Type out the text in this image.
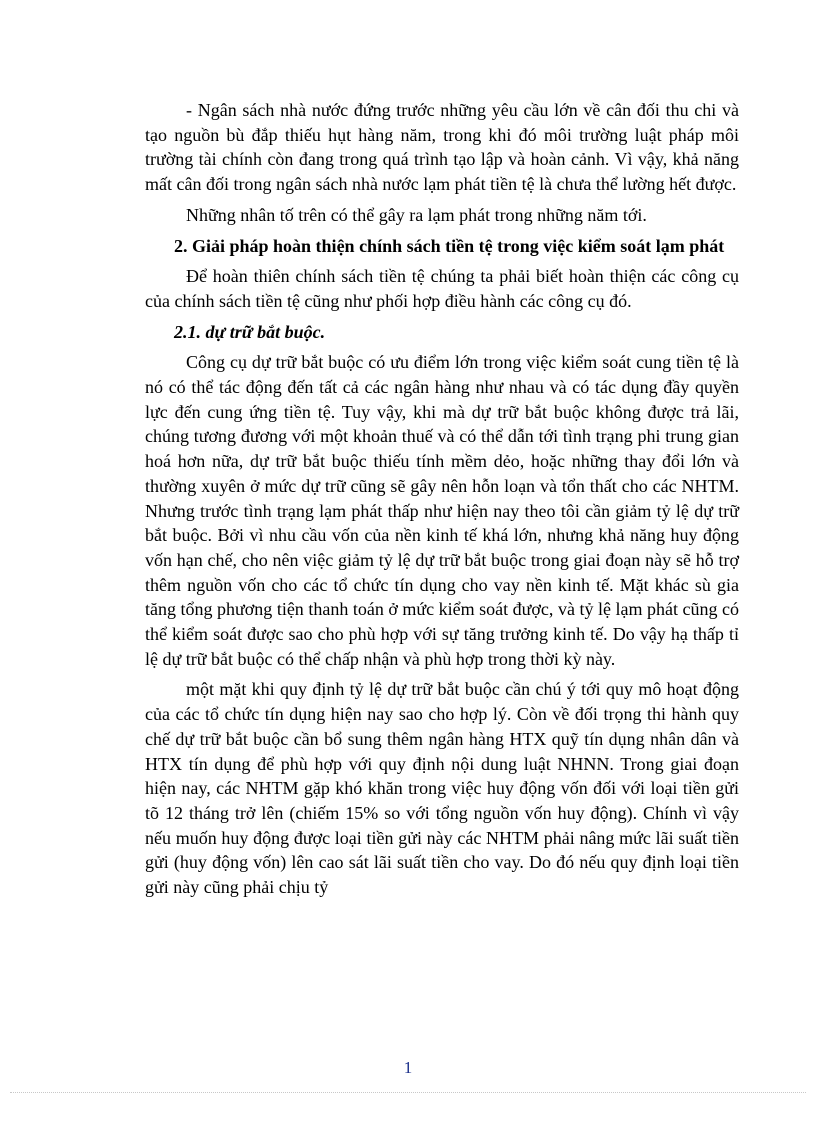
- Ngân sách nhà nước đứng trước những yêu cầu lớn về cân đối thu chi và tạo nguồn bù đắp thiếu hụt hàng năm, trong khi đó môi trường luật pháp môi trường tài chính còn đang trong quá trình tạo lập và hoàn cảnh. Vì vậy, khả năng mất cân đối trong ngân sách nhà nước lạm phát tiền tệ là chưa thể lường hết được.

Những nhân tố trên có thể gây ra lạm phát trong những năm tới.

2. Giải pháp hoàn thiện chính sách tiền tệ trong việc kiểm soát lạm phát

Để hoàn thiên chính sách tiền tệ chúng ta phải biết hoàn thiện các công cụ của chính sách tiền tệ cũng như phối hợp điều hành các công cụ đó.

2.1. dự trữ bắt buộc.

Công cụ dự trữ bắt buộc có ưu điểm lớn trong việc kiểm soát cung tiền tệ là nó có thể tác động đến tất cả các ngân hàng như nhau và có tác dụng đầy quyền lực đến cung ứng tiền tệ. Tuy vậy, khi mà dự trữ bắt buộc không được trả lãi, chúng tương đương với một khoản thuế và có thể dẫn tới tình trạng phi trung gian hoá hơn nữa, dự trữ bắt buộc thiếu tính mềm dẻo, hoặc những thay đổi lớn và thường xuyên ở mức dự trữ cũng sẽ gây nên hỗn loạn và tổn thất cho các NHTM. Nhưng trước tình trạng lạm phát thấp như hiện nay theo tôi cần giảm tỷ lệ dự trữ bắt buộc. Bởi vì nhu cầu vốn của nền kinh tế khá lớn, nhưng khả năng huy động vốn hạn chế, cho nên việc giảm tỷ lệ dự trữ bắt buộc trong giai đoạn này sẽ hỗ trợ thêm nguồn vốn cho các tổ chức tín dụng cho vay nền kinh tế. Mặt khác sù gia tăng tổng phương tiện thanh toán ở mức kiểm soát được, và tỷ lệ lạm phát cũng có thể kiểm soát được sao cho phù hợp với sự tăng trưởng kinh tế. Do vậy hạ thấp tỉ lệ dự trữ bắt buộc có thể chấp nhận và phù hợp trong thời kỳ này.

một mặt khi quy định tỷ lệ dự trữ bắt buộc cần chú ý tới quy mô hoạt động của các tổ chức tín dụng hiện nay sao cho hợp lý. Còn về đối trọng thi hành quy chế dự trữ bắt buộc cần bổ sung thêm ngân hàng HTX quỹ tín dụng nhân dân và HTX tín dụng để phù hợp với quy định nội dung luật NHNN. Trong giai đoạn hiện nay, các NHTM gặp khó khăn trong việc huy động vốn đối với loại tiền gửi tõ 12 tháng trở lên (chiếm 15% so với tổng nguồn vốn huy động). Chính vì vậy nếu muốn huy động được loại tiền gửi này các NHTM phải nâng mức lãi suất tiền gửi (huy động vốn) lên cao sát lãi suất tiền cho vay. Do đó nếu quy định loại tiền gửi này cũng phải chịu tỷ

1
